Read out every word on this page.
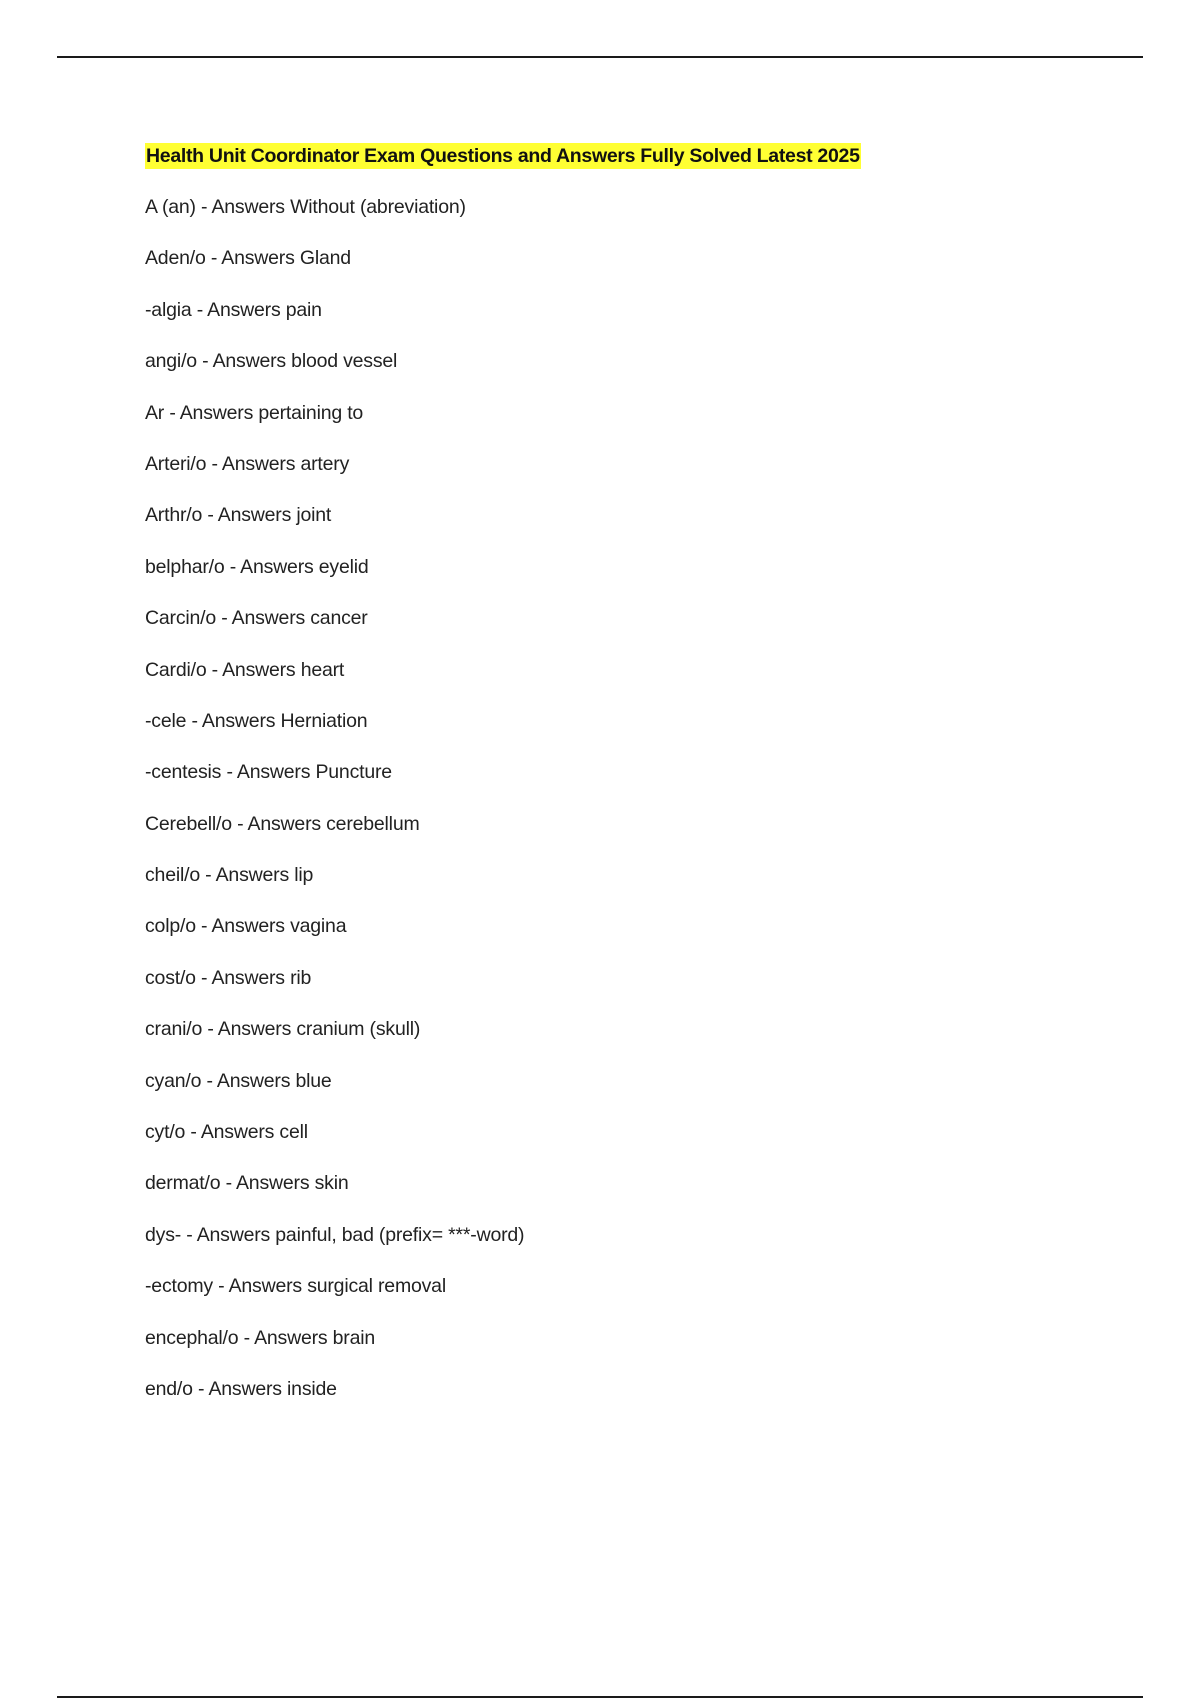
Health Unit Coordinator Exam Questions and Answers Fully Solved Latest 2025
A (an) - Answers Without (abreviation)
Aden/o - Answers Gland
-algia - Answers pain
angi/o - Answers blood vessel
Ar - Answers pertaining to
Arteri/o - Answers artery
Arthr/o - Answers joint
belphar/o - Answers eyelid
Carcin/o - Answers cancer
Cardi/o - Answers heart
-cele - Answers Herniation
-centesis - Answers Puncture
Cerebell/o - Answers cerebellum
cheil/o - Answers lip
colp/o - Answers vagina
cost/o - Answers rib
crani/o - Answers cranium (skull)
cyan/o - Answers blue
cyt/o - Answers cell
dermat/o - Answers skin
dys- - Answers painful, bad (prefix= ***-word)
-ectomy - Answers surgical removal
encephal/o - Answers brain
end/o - Answers inside
